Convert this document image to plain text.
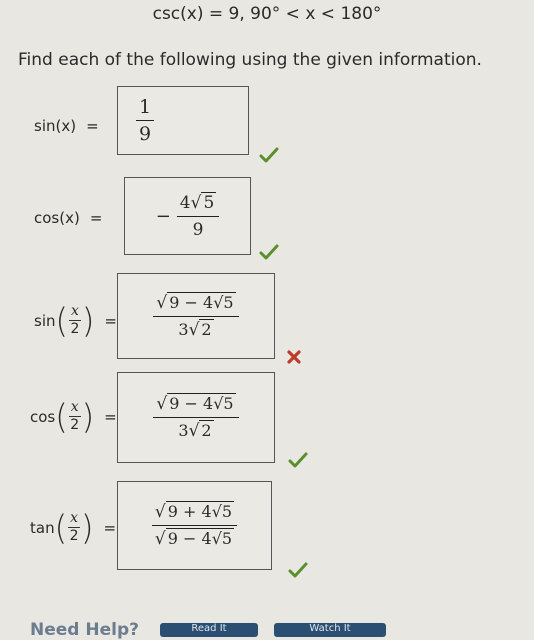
csc(x) = 9, 90° < x < 180°
Find each of the following using the given information.
$\sin (x) = \frac{1}{9}$
cos (x) =	− $\frac{4 √ 5}{9}$
sin ( $\frac{x}{2}$ ) = $\frac{√ 9 - 4√5}{3 √ 2}$
cos ( $\frac{x}{2}$ ) = $\frac{√ 9 - 4√5}{3 √ 2}$
tan ( $\frac{x}{2}$ ) = $\frac{√ 9 + 4√5}{√ 9 - 4√5}$
Need Help?	Read It	Watch It
